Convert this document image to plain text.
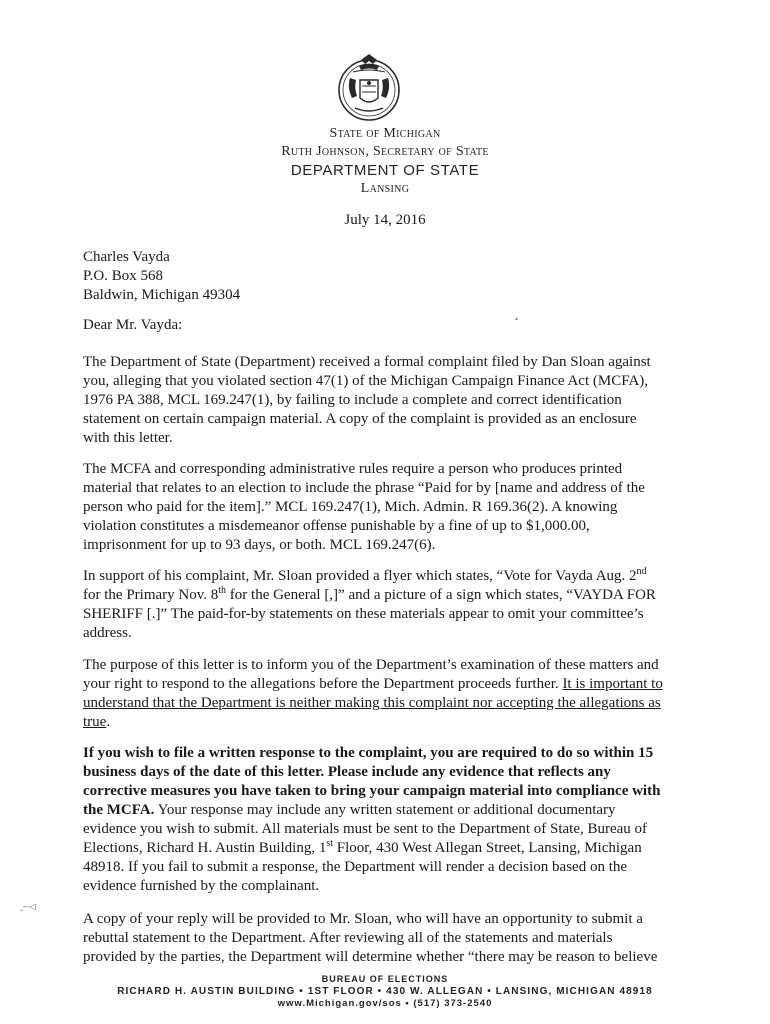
State of Michigan
Ruth Johnson, Secretary of State
DEPARTMENT OF STATE
Lansing
July 14, 2016
Charles Vayda
P.O. Box 568
Baldwin, Michigan 49304
Dear Mr. Vayda:
The Department of State (Department) received a formal complaint filed by Dan Sloan against
you, alleging that you violated section 47(1) of the Michigan Campaign Finance Act (MCFA),
1976 PA 388, MCL 169.247(1), by failing to include a complete and correct identification
statement on certain campaign material. A copy of the complaint is provided as an enclosure
with this letter.
The MCFA and corresponding administrative rules require a person who produces printed
material that relates to an election to include the phrase “Paid for by [name and address of the
person who paid for the item].” MCL 169.247(1), Mich. Admin. R 169.36(2). A knowing
violation constitutes a misdemeanor offense punishable by a fine of up to $1,000.00,
imprisonment for up to 93 days, or both. MCL 169.247(6).
In support of his complaint, Mr. Sloan provided a flyer which states, “Vote for Vayda Aug. 2nd
for the Primary Nov. 8th for the General [,]” and a picture of a sign which states, “VAYDA FOR
SHERIFF [.]” The paid-for-by statements on these materials appear to omit your committee’s
address.
The purpose of this letter is to inform you of the Department’s examination of these matters and
your right to respond to the allegations before the Department proceeds further. It is important to
understand that the Department is neither making this complaint nor accepting the allegations as
true.
If you wish to file a written response to the complaint, you are required to do so within 15
business days of the date of this letter. Please include any evidence that reflects any
corrective measures you have taken to bring your campaign material into compliance with
the MCFA. Your response may include any written statement or additional documentary
evidence you wish to submit. All materials must be sent to the Department of State, Bureau of
Elections, Richard H. Austin Building, 1st Floor, 430 West Allegan Street, Lansing, Michigan
48918. If you fail to submit a response, the Department will render a decision based on the
evidence furnished by the complainant.
‸–‑◁
A copy of your reply will be provided to Mr. Sloan, who will have an opportunity to submit a
rebuttal statement to the Department. After reviewing all of the statements and materials
provided by the parties, the Department will determine whether “there may be reason to believe
BUREAU OF ELECTIONS
RICHARD H. AUSTIN BUILDING • 1ST FLOOR • 430 W. ALLEGAN • LANSING, MICHIGAN 48918
www.Michigan.gov/sos • (517) 373-2540
